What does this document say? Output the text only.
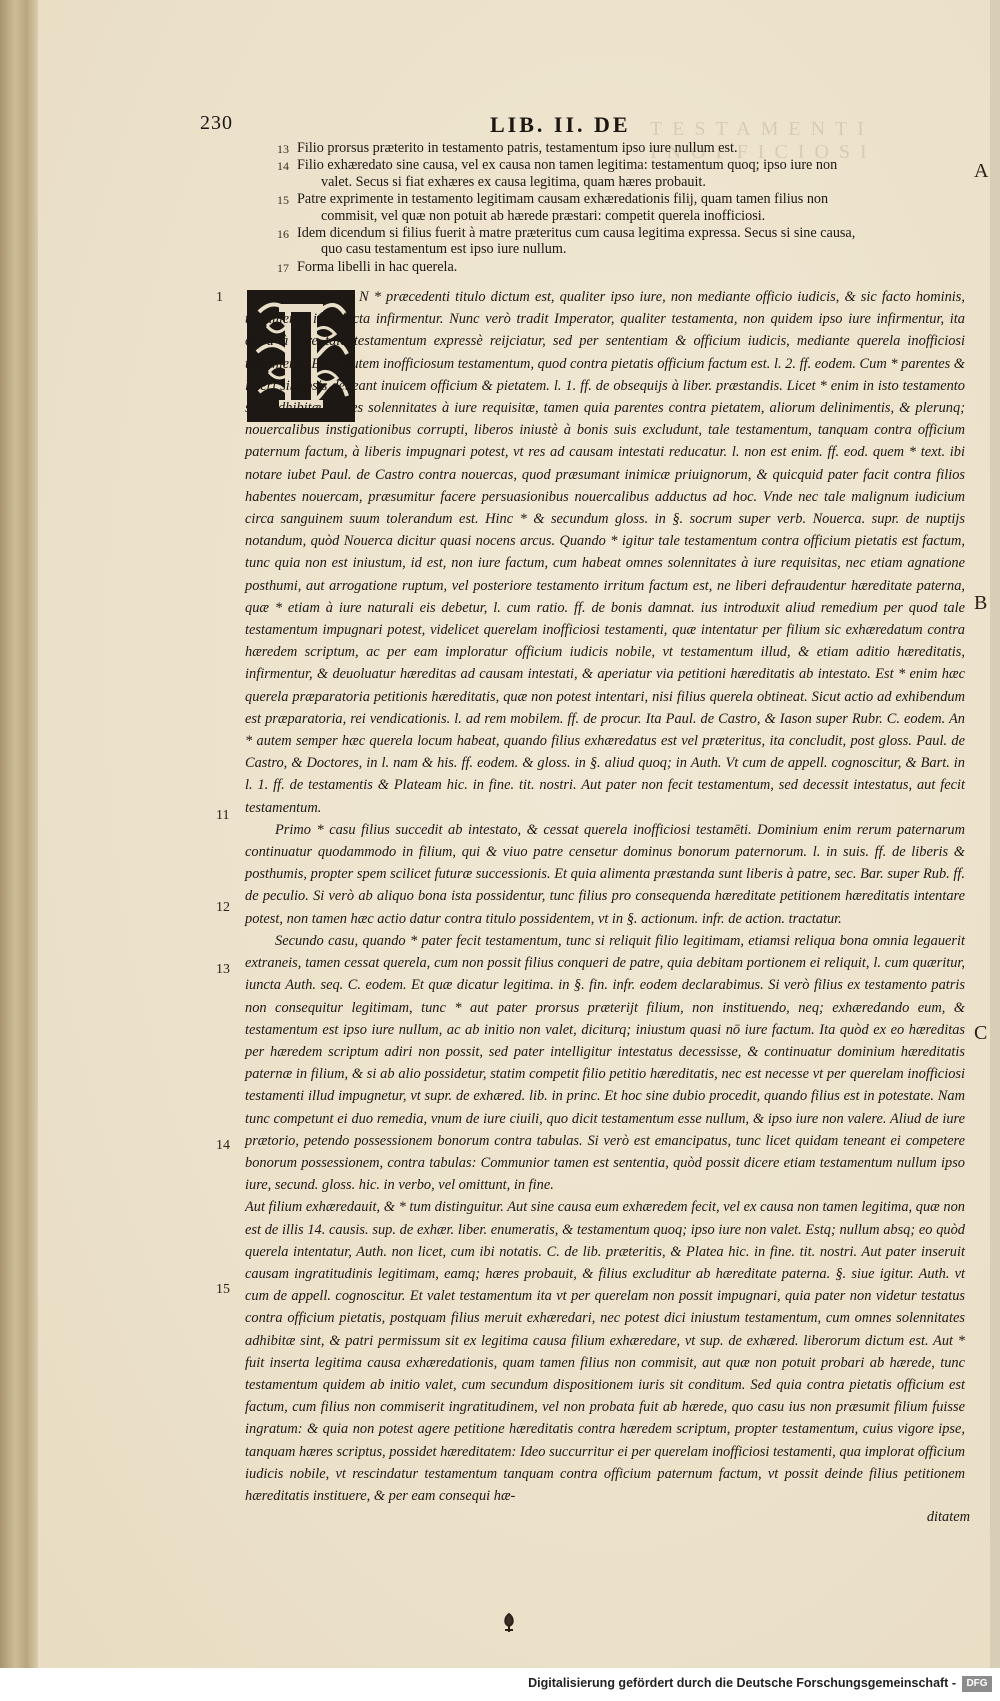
230	LIB. II. DE TESTAMENTI INOFFICIOSI
13 Filio prorsus præterito in testamento patris, testamentum ipso iure nullum est.
14 Filio exhæredato sine causa, vel ex causa non tamen legitima: testamentum quoq; ipso iure non
valet. Secus si fiat exhæres ex causa legitima, quam hæres probauit.
15 Patre exprimente in testamento legitimam causam exhæredationis filij, quam tamen filius non
commisit, vel quæ non potuit ab hærede præstari: competit querela inofficiosi.
16 Idem dicendum si filius fuerit à matre præteritus cum causa legitima expressa. Secus si sine causa,
quo casu testamentum est ipso iure nullum.
17 Forma libelli in hac querela.
A
B
C

N * præcedenti titulo dictum est, qualiter ipso iure, non mediante officio iudicis, & sic facto hominis, testamenta iure facta infirmentur. Nunc verò tradit Imperator, qualiter testamenta, non quidem ipso iure infirmentur, ita quòd à iure tale testamentum expressè reijciatur, sed per sententiam & officium iudicis, mediante querela inofficiosi testamenti. Est * autem inofficiosum testamentum, quod contra pietatis officium factum est. l. 2. ff. eodem. Cum * parentes & liberi sibijpsis debeant inuicem officium & pietatem. l. 1. ff. de obsequijs à liber. præstandis. Licet * enim in isto testamento sint adhibitæ omnes solennitates à iure requisitæ, tamen quia parentes contra pietatem, aliorum delinimentis, & plerunq; nouercalibus instigationibus corrupti, liberos iniustè à bonis suis excludunt, tale testamentum, tanquam contra officium paternum factum, à liberis impugnari potest, vt res ad causam intestati reducatur. l. non est enim. ff. eod. quem * text. ibi notare iubet Paul. de Castro contra nouercas, quod præsumant inimicæ priuignorum, & quicquid pater facit contra filios habentes nouercam, præsumitur facere persuasionibus nouercalibus adductus ad hoc. Vnde nec tale malignum iudicium circa sanguinem suum tolerandum est. Hinc * & secundum gloss. in §. socrum super verb. Nouerca. supr. de nuptijs notandum, quòd Nouerca dicitur quasi nocens arcus. Quando * igitur tale testamentum contra officium pietatis est factum, tunc quia non est iniustum, id est, non iure factum, cum habeat omnes solennitates à iure requisitas, nec etiam agnatione posthumi, aut arrogatione ruptum, vel posteriore testamento irritum factum est, ne liberi defraudentur hæreditate paterna, quæ * etiam à iure naturali eis debetur, l. cum ratio. ff. de bonis damnat. ius introduxit aliud remedium per quod tale testamentum impugnari potest, videlicet querelam inofficiosi testamenti, quæ intentatur per filium sic exhæredatum contra hæredem scriptum, ac per eam imploratur officium iudicis nobile, vt testamentum illud, & etiam aditio hæreditatis, infirmentur, & deuoluatur hæreditas ad causam intestati, & aperiatur via petitioni hæreditatis ab intestato. Est * enim hæc querela præparatoria petitionis hæreditatis, quæ non potest intentari, nisi filius querela obtineat. Sicut actio ad exhibendum est præparatoria, rei vendicationis. l. ad rem mobilem. ff. de procur. Ita Paul. de Castro, & Iason super Rubr. C. eodem. An * autem semper hæc querela locum habeat, quando filius exhæredatus est vel præteritus, ita concludit, post gloss. Paul. de Castro, & Doctores, in l. nam & his. ff. eodem. & gloss. in §. aliud quoq; in Auth. Vt cum de appell. cognoscitur, & Bart. in l. 1. ff. de testamentis & Plateam hic. in fine. tit. nostri. Aut pater non fecit testamentum, sed decessit intestatus, aut fecit testamentum.

Primo * casu filius succedit ab intestato, & cessat querela inofficiosi testamēti. Dominium enim rerum paternarum continuatur quodammodo in filium, qui & viuo patre censetur dominus bonorum paternorum. l. in suis. ff. de liberis & posthumis, propter spem scilicet futuræ successionis. Et quia alimenta præstanda sunt liberis à patre, sec. Bar. super Rub. ff. de peculio. Si verò ab aliquo bona ista possidentur, tunc filius pro consequenda hæreditate petitionem hæreditatis intentare potest, non tamen hæc actio datur contra titulo possidentem, vt in §. actionum. infr. de action. tractatur.

Secundo casu, quando * pater fecit testamentum, tunc si reliquit filio legitimam, etiamsi reliqua bona omnia legauerit extraneis, tamen cessat querela, cum non possit filius conqueri de patre, quia debitam portionem ei reliquit, l. cum quæritur, iuncta Auth. seq. C. eodem. Et quæ dicatur legitima. in §. fin. infr. eodem declarabimus. Si verò filius ex testamento patris non consequitur legitimam, tunc * aut pater prorsus præterijt filium, non instituendo, neq; exhæredando eum, & testamentum est ipso iure nullum, ac ab initio non valet, diciturq; iniustum quasi nō iure factum. Ita quòd ex eo hæreditas per hæredem scriptum adiri non possit, sed pater intelligitur intestatus decessisse, & continuatur dominium hæreditatis paternæ in filium, & si ab alio possidetur, statim competit filio petitio hæreditatis, nec est necesse vt per querelam inofficiosi testamenti illud impugnetur, vt supr. de exhæred. lib. in princ. Et hoc sine dubio procedit, quando filius est in potestate. Nam tunc competunt ei duo remedia, vnum de iure ciuili, quo dicit testamentum esse nullum, & ipso iure non valere. Aliud de iure prætorio, petendo possessionem bonorum contra tabulas. Si verò est emancipatus, tunc licet quidam teneant ei competere bonorum possessionem, contra tabulas: Communior tamen est sententia, quòd possit dicere etiam testamentum nullum ipso iure, secund. gloss. hic. in verbo, vel omittunt, in fine.

Aut filium exhæredauit, & * tum distinguitur. Aut sine causa eum exhæredem fecit, vel ex causa non tamen legitima, quæ non est de illis 14. causis. sup. de exhær. liber. enumeratis, & testamentum quoq; ipso iure non valet. Estq; nullum absq; eo quòd querela intentatur, Auth. non licet, cum ibi notatis. C. de lib. præteritis, & Platea hic. in fine. tit. nostri. Aut pater inseruit causam ingratitudinis legitimam, eamq; hæres probauit, & filius excluditur ab hæreditate paterna. §. siue igitur. Auth. vt cum de appell. cognoscitur. Et valet testamentum ita vt per querelam non possit impugnari, quia pater non videtur testatus contra officium pietatis, postquam filius meruit exhæredari, nec potest dici iniustum testamentum, cum omnes solennitates adhibitæ sint, & patri permissum sit ex legitima causa filium exhæredare, vt sup. de exhæred. liberorum dictum est. Aut * fuit inserta legitima causa exhæredationis, quam tamen filius non commisit, aut quæ non potuit probari ab hærede, tunc testamentum quidem ab initio valet, cum secundum dispositionem iuris sit conditum. Sed quia contra pietatis officium est factum, cum filius non commiserit ingratitudinem, vel non probata fuit ab hærede, quo casu ius non præsumit filium fuisse ingratum: & quia non potest agere petitione hæreditatis contra hæredem scriptum, propter testamentum, cuius vigore ipse, tanquam hæres scriptus, possidet hæreditatem: Ideo succurritur ei per querelam inofficiosi testamenti, qua implorat officium iudicis nobile, vt rescindatur testamentum tanquam contra officium paternum factum, vt possit deinde filius petitionem hæreditatis instituere, & per eam consequi hæ-

1
11
12
13
14
15
ditatem
Digitalisierung gefördert durch die Deutsche Forschungsgemeinschaft -	DFG
